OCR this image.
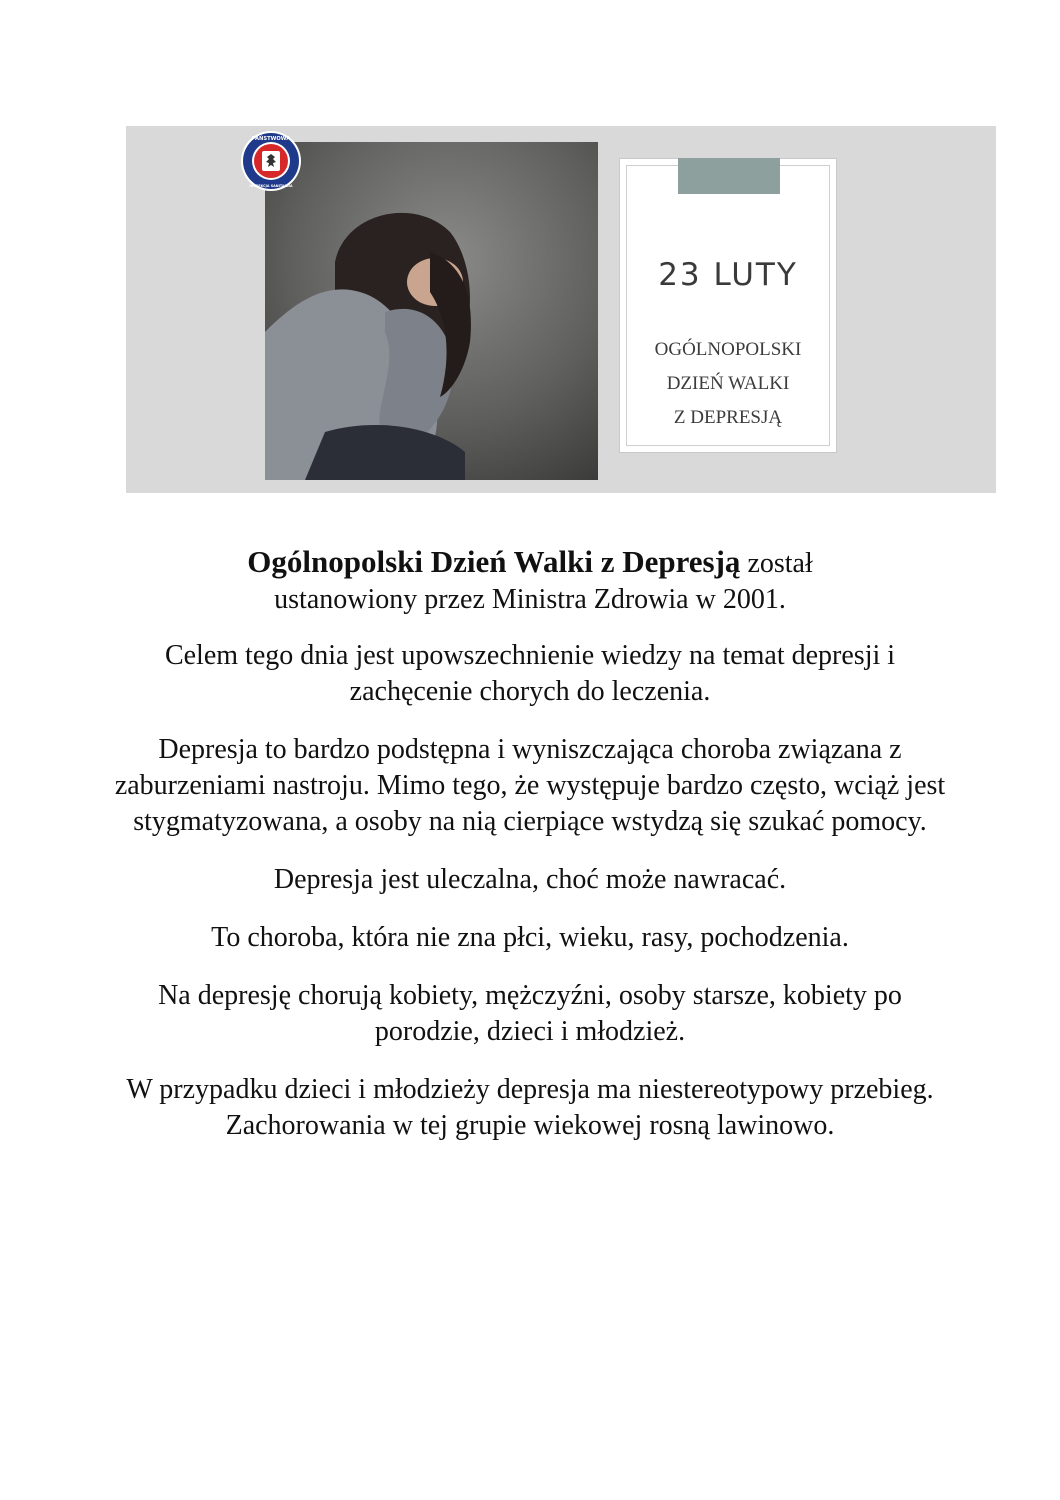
PAŃSTWOWA
INSPEKCJA SANITARNA
23 LUTY
OGÓLNOPOLSKI
DZIEŃ WALKI
Z DEPRESJĄ

Ogólnopolski Dzień Walki z Depresją został
ustanowiony przez Ministra Zdrowia w 2001.

Celem tego dnia jest upowszechnienie wiedzy na temat depresji i zachęcenie chorych do leczenia.

Depresja to bardzo podstępna i wyniszczająca choroba związana z zaburzeniami nastroju. Mimo tego, że występuje bardzo często, wciąż jest stygmatyzowana, a osoby na nią cierpiące wstydzą się szukać pomocy.

Depresja jest uleczalna, choć może nawracać.

To choroba, która nie zna płci, wieku, rasy, pochodzenia.

Na depresję chorują kobiety, mężczyźni, osoby starsze, kobiety po porodzie, dzieci i młodzież.

W przypadku dzieci i młodzieży depresja ma niestereotypowy przebieg. Zachorowania w tej grupie wiekowej rosną lawinowo.
